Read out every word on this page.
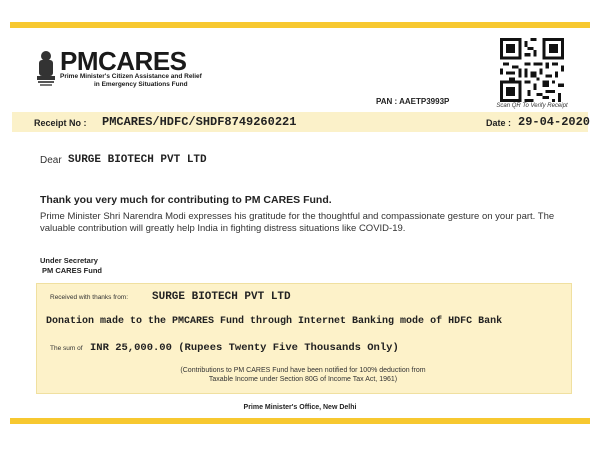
PMCARES
Prime Minister's Citizen Assistance and Relief
in Emergency Situations Fund
Scan QR To Verify Receipt
PAN : AAETP3993P
Receipt No : PMCARES/HDFC/SHDF8749260221	Date : 29-04-2020
Dear SURGE BIOTECH PVT LTD
Thank you very much for contributing to PM CARES Fund.
Prime Minister Shri Narendra Modi expresses his gratitude for the thoughtful and compassionate gesture on your part. The valuable contribution will greatly help India in fighting distress situations like COVID-19.
Under Secretary
PM CARES Fund
Received with thanks from: SURGE BIOTECH PVT LTD
Donation made to the PMCARES Fund through Internet Banking mode of HDFC Bank
The sum of INR 25,000.00 (Rupees Twenty Five Thousands Only)
(Contributions to PM CARES Fund have been notified for 100% deduction from
Taxable Income under Section 80G of Income Tax Act, 1961)
Prime Minister's Office, New Delhi
